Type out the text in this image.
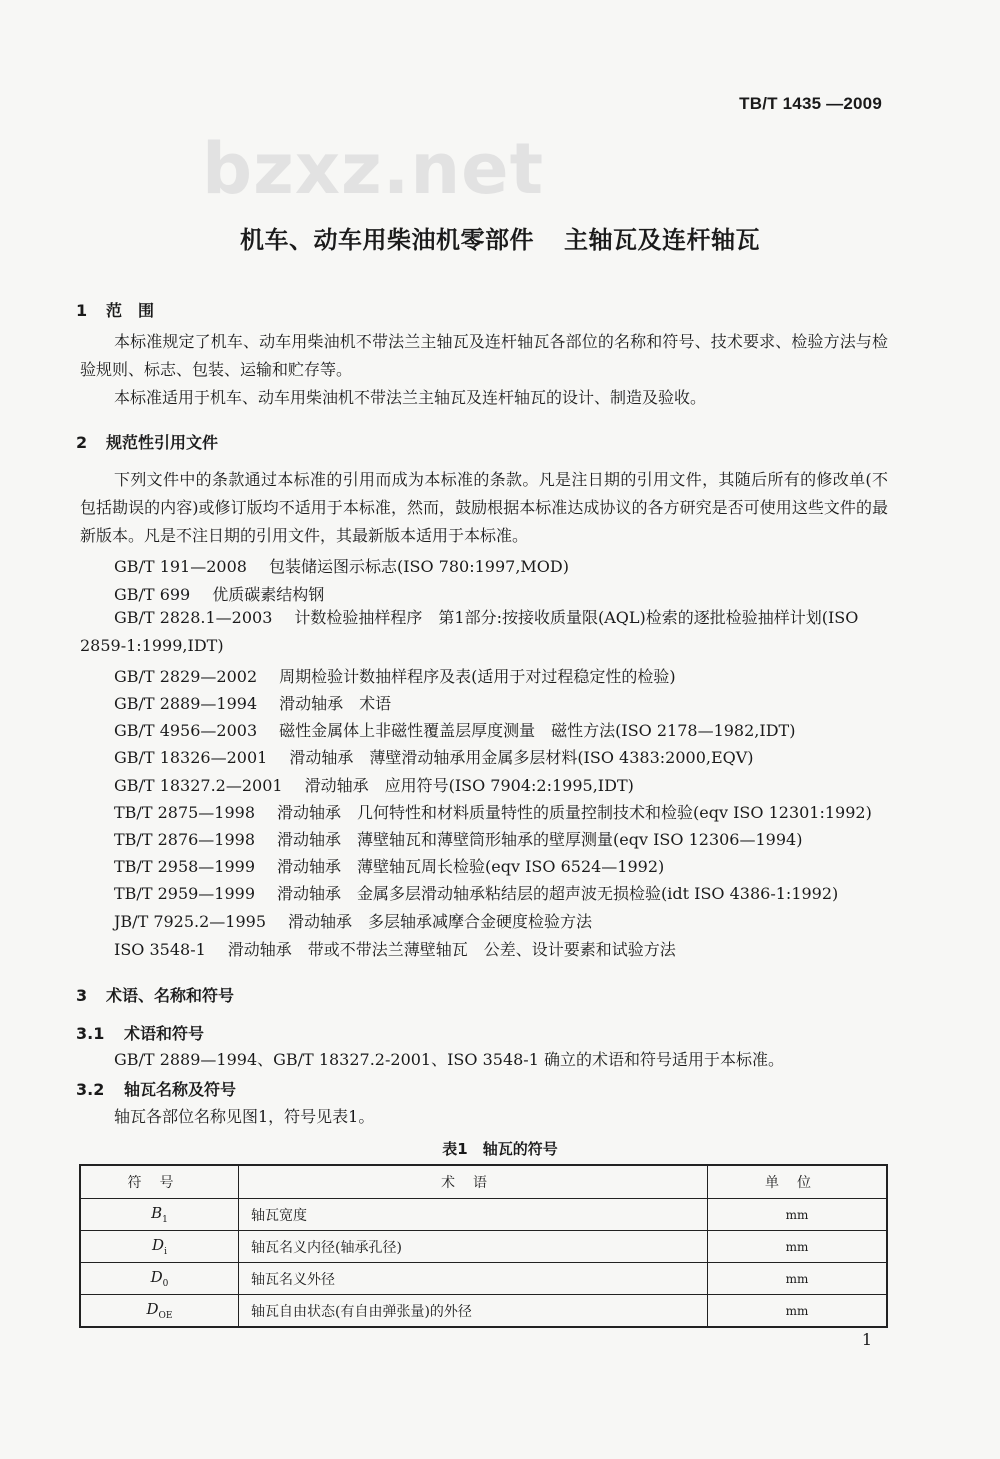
TB/T 1435 —2009
bzxz.net
机车、动车用柴油机零部件 主轴瓦及连杆轴瓦
1 范　围
本标准规定了机车、动车用柴油机不带法兰主轴瓦及连杆轴瓦各部位的名称和符号、技术要求、检验方法与检验规则、标志、包装、运输和贮存等。
本标准适用于机车、动车用柴油机不带法兰主轴瓦及连杆轴瓦的设计、制造及验收。
2 规范性引用文件
下列文件中的条款通过本标准的引用而成为本标准的条款。凡是注日期的引用文件，其随后所有的修改单(不包括勘误的内容)或修订版均不适用于本标准，然而，鼓励根据本标准达成协议的各方研究是否可使用这些文件的最新版本。凡是不注日期的引用文件，其最新版本适用于本标准。
GB/T 191—2008 包装储运图示标志(ISO 780:1997,MOD)
GB/T 699 优质碳素结构钢
GB/T 2828.1—2003 计数检验抽样程序　第1部分:按接收质量限(AQL)检索的逐批检验抽样计划(ISO 2859-1:1999,IDT)
GB/T 2829—2002 周期检验计数抽样程序及表(适用于对过程稳定性的检验)
GB/T 2889—1994 滑动轴承　术语
GB/T 4956—2003 磁性金属体上非磁性覆盖层厚度测量　磁性方法(ISO 2178—1982,IDT)
GB/T 18326—2001 滑动轴承　薄壁滑动轴承用金属多层材料(ISO 4383:2000,EQV)
GB/T 18327.2—2001 滑动轴承　应用符号(ISO 7904:2:1995,IDT)
TB/T 2875—1998 滑动轴承　几何特性和材料质量特性的质量控制技术和检验(eqv ISO 12301:1992)
TB/T 2876—1998 滑动轴承　薄壁轴瓦和薄壁筒形轴承的壁厚测量(eqv ISO 12306—1994)
TB/T 2958—1999 滑动轴承　薄壁轴瓦周长检验(eqv ISO 6524—1992)
TB/T 2959—1999 滑动轴承　金属多层滑动轴承粘结层的超声波无损检验(idt ISO 4386-1:1992)
JB/T 7925.2—1995 滑动轴承　多层轴承减摩合金硬度检验方法
ISO 3548-1 滑动轴承　带或不带法兰薄壁轴瓦　公差、设计要素和试验方法
3 术语、名称和符号
3.1 术语和符号
GB/T 2889—1994、GB/T 18327.2-2001、ISO 3548-1 确立的术语和符号适用于本标准。
3.2 轴瓦名称及符号
轴瓦各部位名称见图1，符号见表1。
表1　轴瓦的符号
符号	术语	单位
$B_1$	轴瓦宽度	mm
$D_i$	轴瓦名义内径(轴承孔径)	mm
$D_0$	轴瓦名义外径	mm
$D_{OE}$	轴瓦自由状态(有自由弹张量)的外径	mm
1
